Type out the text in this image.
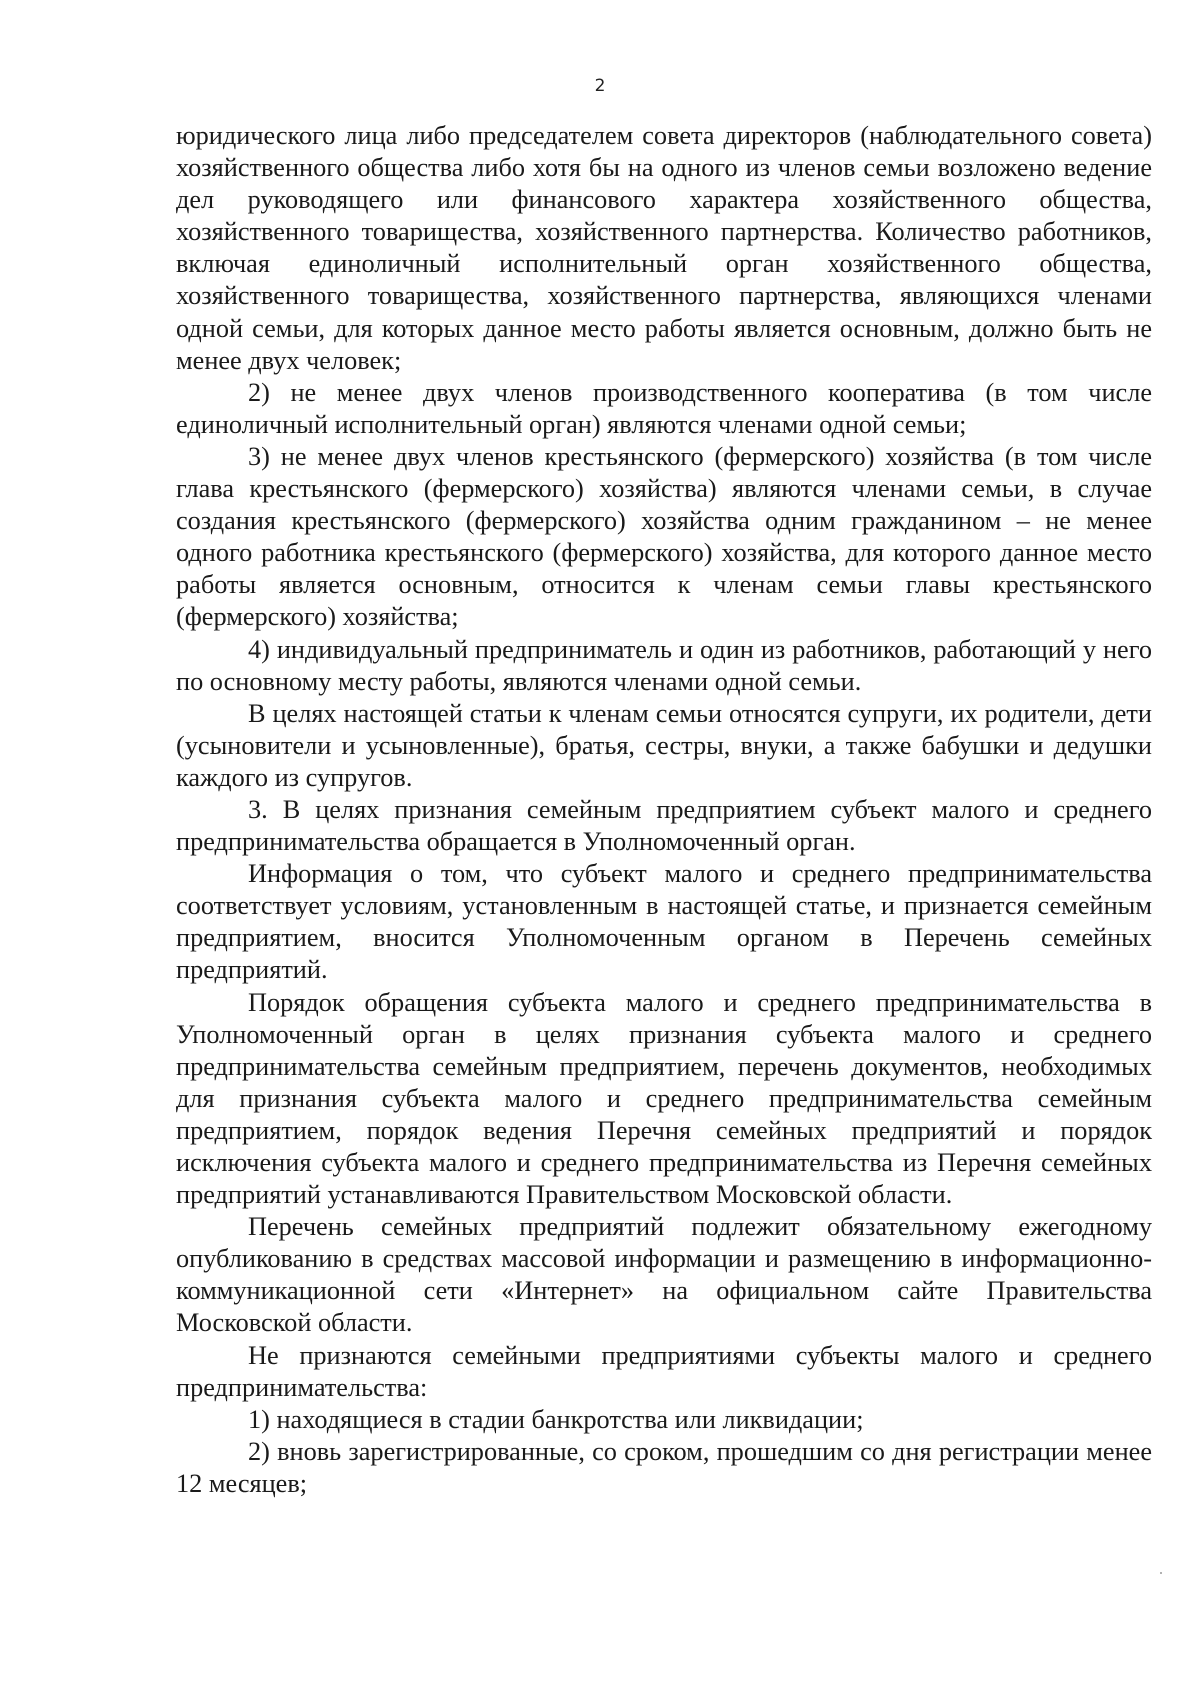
2

юридического лица либо председателем совета директоров (наблюдательного совета) хозяйственного общества либо хотя бы на одного из членов семьи возложено ведение дел руководящего или финансового характера хозяйственного общества, хозяйственного товарищества, хозяйственного партнерства. Количество работников, включая единоличный исполнительный орган хозяйственного общества, хозяйственного товарищества, хозяйственного партнерства, являющихся членами одной семьи, для которых данное место работы является основным, должно быть не менее двух человек;

2) не менее двух членов производственного кооператива (в том числе единоличный исполнительный орган) являются членами одной семьи;

3) не менее двух членов крестьянского (фермерского) хозяйства (в том числе глава крестьянского (фермерского) хозяйства) являются членами семьи, в случае создания крестьянского (фермерского) хозяйства одним гражданином – не менее одного работника крестьянского (фермерского) хозяйства, для которого данное место работы является основным, относится к членам семьи главы крестьянского (фермерского) хозяйства;

4) индивидуальный предприниматель и один из работников, работающий у него по основному месту работы, являются членами одной семьи.

В целях настоящей статьи к членам семьи относятся супруги, их родители, дети (усыновители и усыновленные), братья, сестры, внуки, а также бабушки и дедушки каждого из супругов.

3. В целях признания семейным предприятием субъект малого и среднего предпринимательства обращается в Уполномоченный орган.

Информация о том, что субъект малого и среднего предпринимательства соответствует условиям, установленным в настоящей статье, и признается семейным предприятием, вносится Уполномоченным органом в Перечень семейных предприятий.

Порядок обращения субъекта малого и среднего предпринимательства в Уполномоченный орган в целях признания субъекта малого и среднего предпринимательства семейным предприятием, перечень документов, необходимых для признания субъекта малого и среднего предпринимательства семейным предприятием, порядок ведения Перечня семейных предприятий и порядок исключения субъекта малого и среднего предпринимательства из Перечня семейных предприятий устанавливаются Правительством Московской области.

Перечень семейных предприятий подлежит обязательному ежегодному опубликованию в средствах массовой информации и размещению в информационно-коммуникационной сети «Интернет» на официальном сайте Правительства Московской области.

Не признаются семейными предприятиями субъекты малого и среднего предпринимательства:

1) находящиеся в стадии банкротства или ликвидации;

2) вновь зарегистрированные, со сроком, прошедшим со дня регистрации менее 12 месяцев;
